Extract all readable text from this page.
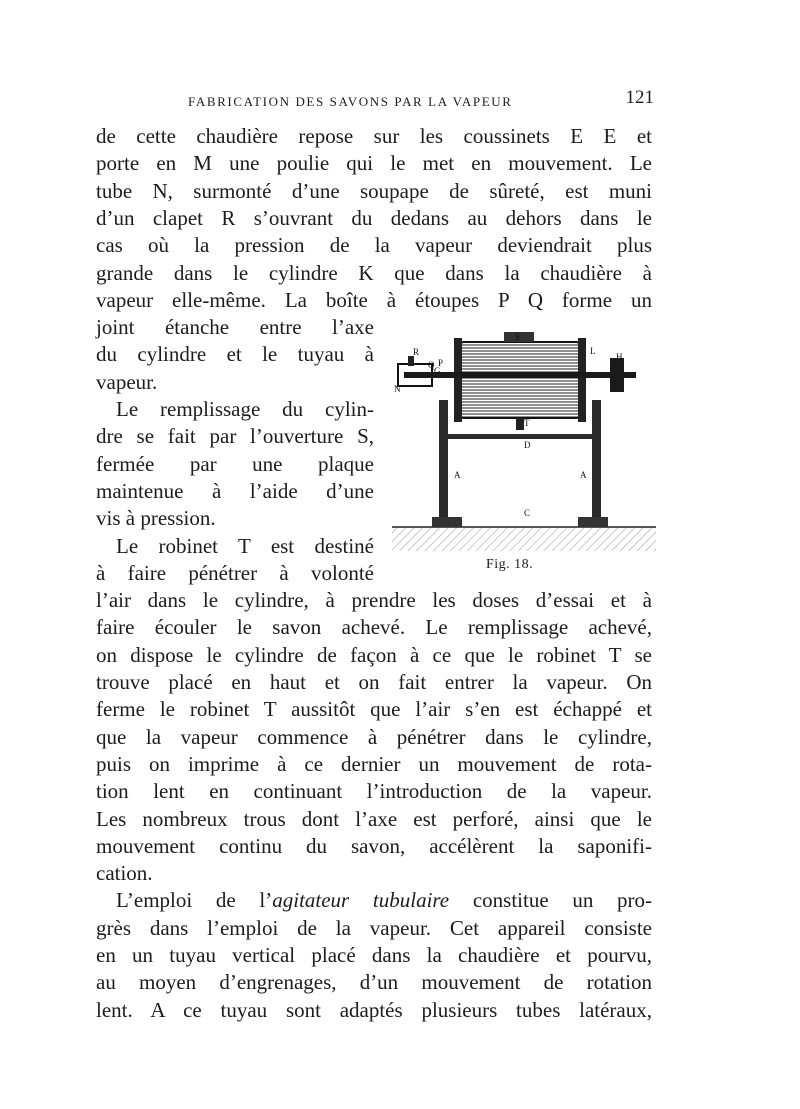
FABRICATION DES SAVONS PAR LA VAPEUR	121
de cette chaudière repose sur les coussinets E E et
porte en M une poulie qui le met en mouvement. Le
tube N, surmonté d’une soupape de sûreté, est muni
d’un clapet R s’ouvrant du dedans au dehors dans le
cas où la pression de la vapeur deviendrait plus
grande dans le cylindre K que dans la chaudière à
vapeur elle-même. La boîte à étoupes P Q forme un
joint étanche entre l’axe
du cylindre et le tuyau à
vapeur.
Le remplissage du cylin-
dre se fait par l’ouverture S,
fermée par une plaque
maintenue à l’aide d’une
vis à pression.
Le robinet T est destiné
à faire pénétrer à volonté
l’air dans le cylindre, à prendre les doses d’essai et à
faire écouler le savon achevé. Le remplissage achevé,
on dispose le cylindre de façon à ce que le robinet T se
trouve placé en haut et on fait entrer la vapeur. On
ferme le robinet T aussitôt que l’air s’en est échappé et
que la vapeur commence à pénétrer dans le cylindre,
puis on imprime à ce dernier un mouvement de rota-
tion lent en continuant l’introduction de la vapeur.
Les nombreux trous dont l’axe est perforé, ainsi que le
mouvement continu du savon, accélèrent la saponifi-
cation.
L’emploi de l’agitateur tubulaire constitue un pro-
grès dans l’emploi de la vapeur. Cet appareil consiste
en un tuyau vertical placé dans la chaudière et pourvu,
au moyen d’engrenages, d’un mouvement de rotation
lent. A ce tuyau sont adaptés plusieurs tubes latéraux,
S
L
H
Q P
G
R
N
T
D
A	A
C
Fig. 18.
